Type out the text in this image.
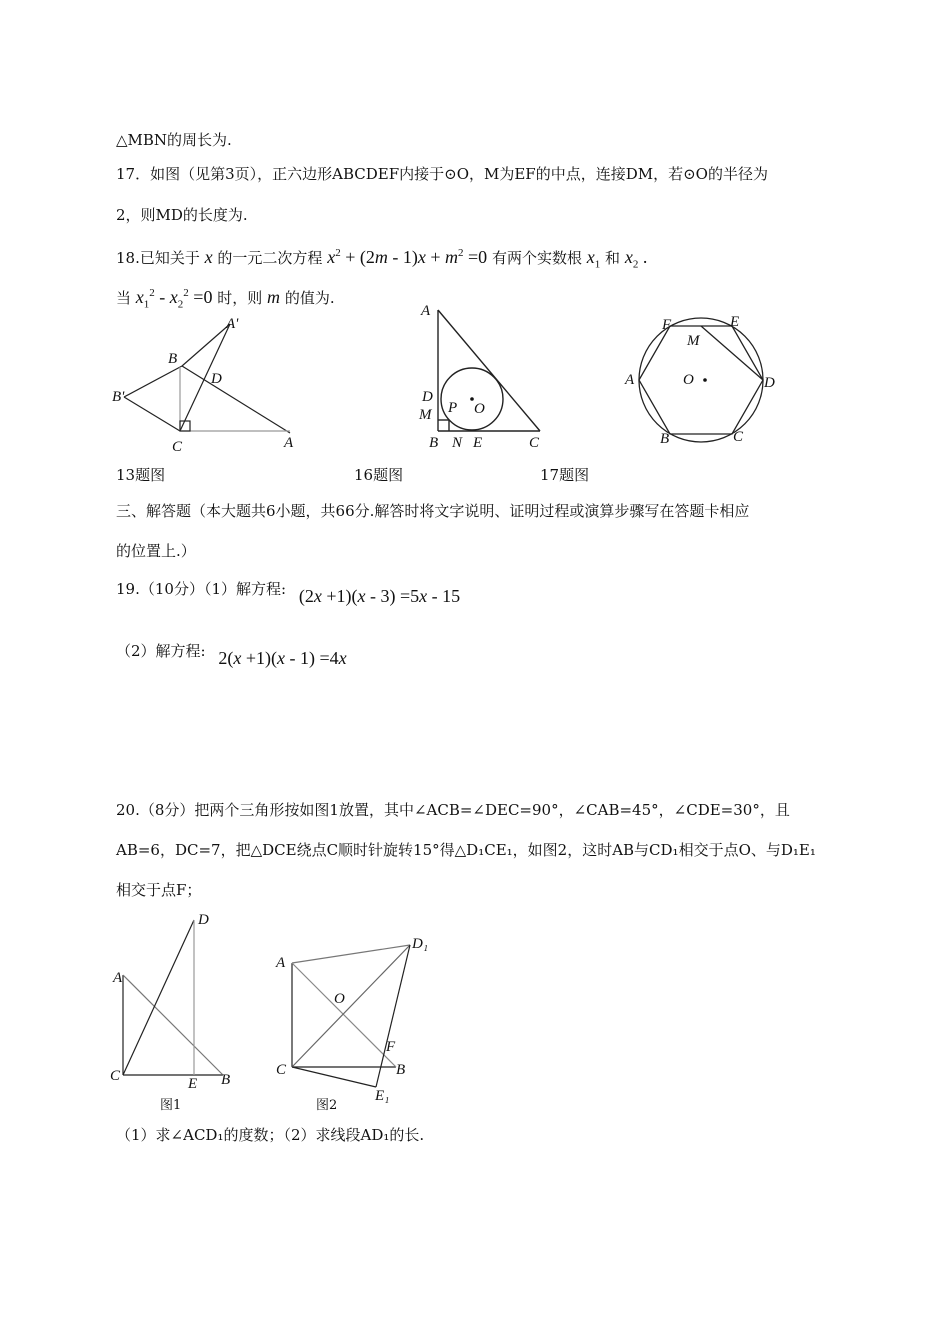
△MBN的周长为.
17．如图（见第3页），正六边形ABCDEF内接于⊙O，M为EF的中点，连接DM，若⊙O的半径为
2，则MD的长度为.
18.已知关于 x 的一元二次方程 $x^2 + (2m - 1)x + m^2 =0$ 有两个实数根 $x_1$ 和 $x_2$ .
当 $x_1^2 - x_2^2 =0$ 时，则 m 的值为.
A'
B
D
B'
C	A
A
D
M P O
B N E	C
F	E
M
A	O	D
B	C
13题图	16题图	17题图
三、解答题（本大题共6小题，共66分.解答时将文字说明、证明过程或演算步骤写在答题卡相应
的位置上.）
19.（10分）（1）解方程: (2x +1)(x - 3) =5x - 15
（2）解方程: 2(x +1)(x - 1) =4x
20.（8分）把两个三角形按如图1放置，其中∠ACB=∠DEC=90°，∠CAB=45°，∠CDE=30°，且
AB=6，DC=7，把△DCE绕点C顺时针旋转15°得△D₁CE₁，如图2，这时AB与CD₁相交于点O、与D₁E₁
相交于点F；
D
A
C	E B
A
D₁
O
F
C	B
E₁
图1	图2
（1）求∠ACD₁的度数；（2）求线段AD₁的长.
